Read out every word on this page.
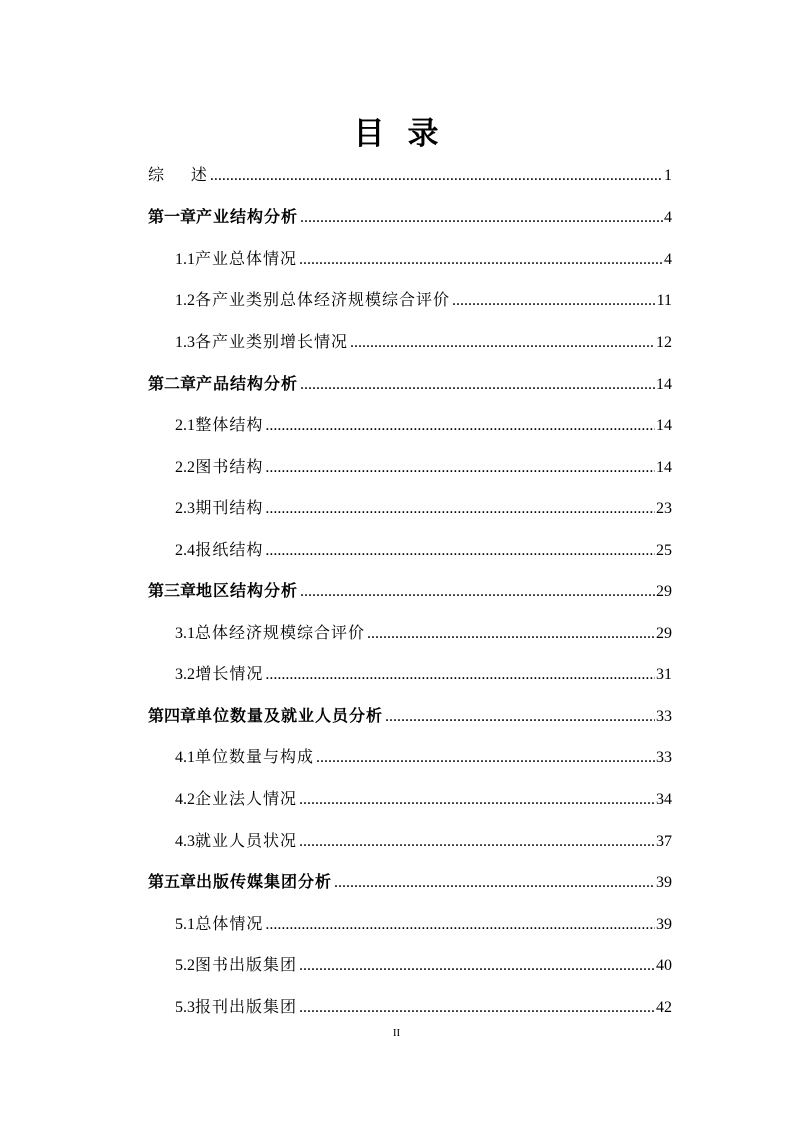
目 录
综	述 .....	1
第一章 产业结构分析 .....	4
1.1 产业总体情况 .....	4
1.2 各产业类别总体经济规模综合评价 .....	11
1.3 各产业类别增长情况 .....	12
第二章 产品结构分析 .....	14
2.1 整体结构 .....	14
2.2 图书结构 .....	14
2.3 期刊结构 .....	23
2.4 报纸结构 .....	25
第三章 地区结构分析 .....	29
3.1 总体经济规模综合评价 .....	29
3.2 增长情况 .....	31
第四章 单位数量及就业人员分析 .....	33
4.1 单位数量与构成 .....	33
4.2 企业法人情况 .....	34
4.3 就业人员状况 .....	37
第五章 出版传媒集团分析 .....	39
5.1 总体情况 .....	39
5.2 图书出版集团 .....	40
5.3 报刊出版集团 .....	42
II
